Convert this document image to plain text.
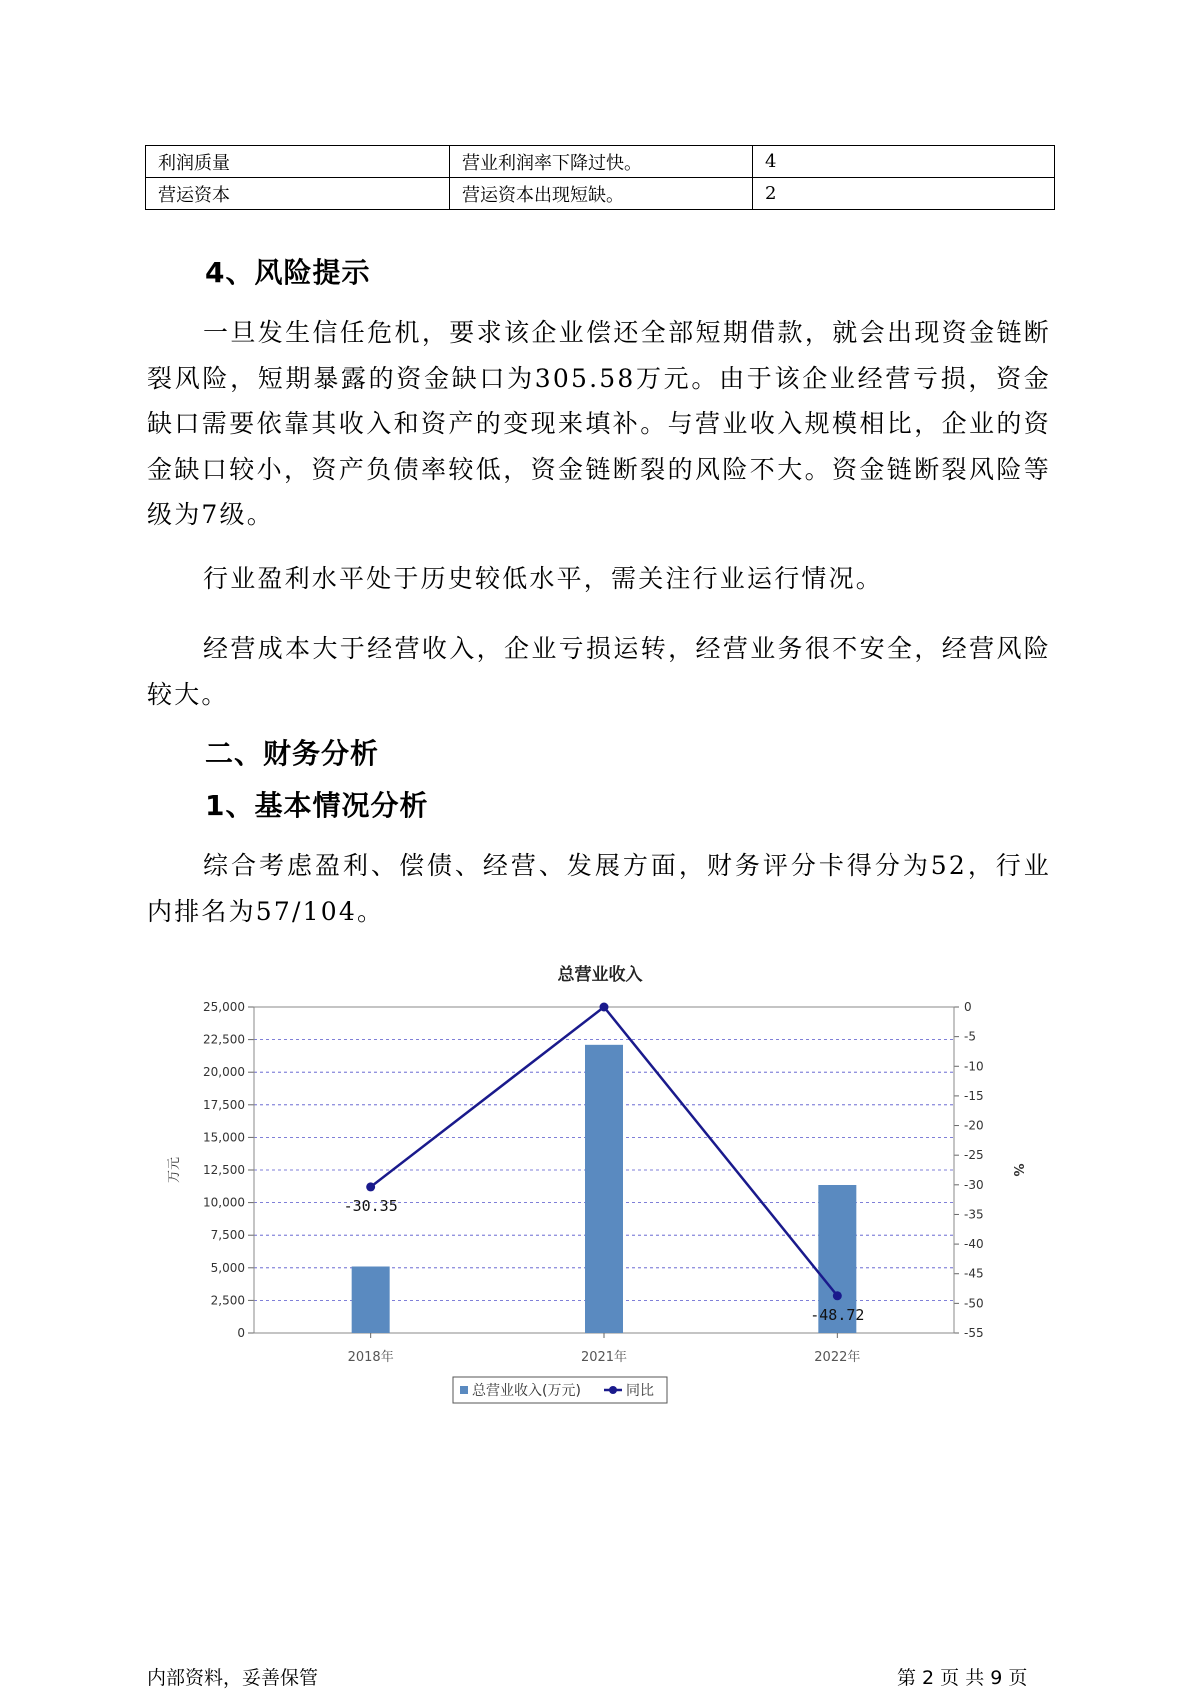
利润质量	营业利润率下降过快。	4
营运资本	营运资本出现短缺。	2
4、风险提示
一旦发生信任危机，要求该企业偿还全部短期借款，就会出现资金链断裂风险，短期暴露的资金缺口为305.58万元。由于该企业经营亏损，资金缺口需要依靠其收入和资产的变现来填补。与营业收入规模相比，企业的资金缺口较小，资产负债率较低，资金链断裂的风险不大。资金链断裂风险等级为7级。
行业盈利水平处于历史较低水平，需关注行业运行情况。
经营成本大于经营收入，企业亏损运转，经营业务很不安全，经营风险较大。
二、财务分析
1、基本情况分析
综合考虑盈利、偿债、经营、发展方面，财务评分卡得分为52，行业内排名为57/104。
总营业收入
0
2,500
5,000
7,500
10,000
12,500
15,000
17,500
20,000
22,500
25,000	0
-5
-10
-15
-20
-25
-30
-35
-40
-45
-50
-55
万元	%
2018年	2021年	2022年
-30.35
-48.72
总营业收入(万元)	同比
内部资料，妥善保管	第 2 页 共 9 页
